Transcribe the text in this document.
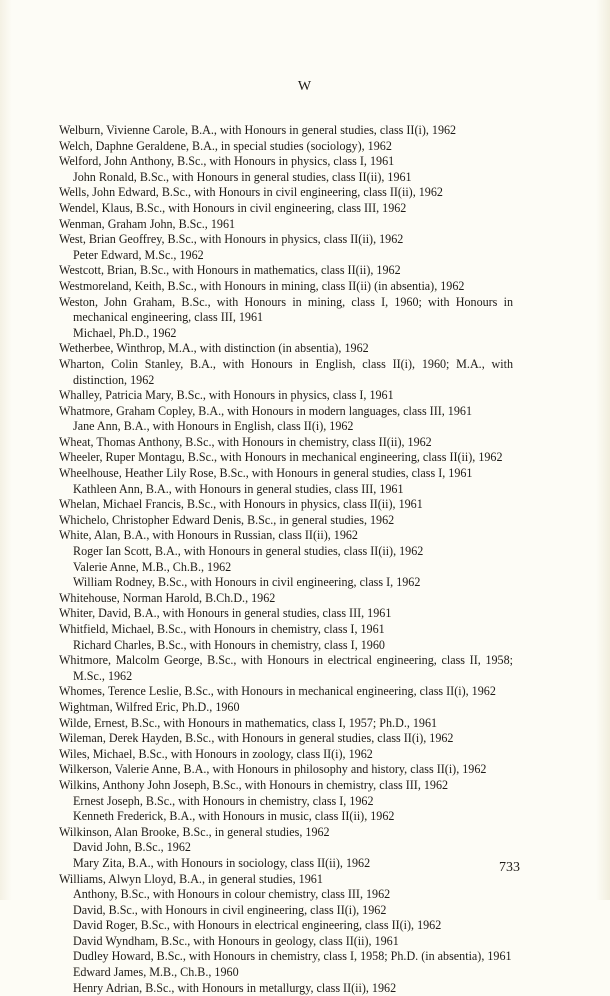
W
Welburn, Vivienne Carole, B.A., with Honours in general studies, class II(i), 1962
Welch, Daphne Geraldene, B.A., in special studies (sociology), 1962
Welford, John Anthony, B.Sc., with Honours in physics, class I, 1961
John Ronald, B.Sc., with Honours in general studies, class II(ii), 1961
Wells, John Edward, B.Sc., with Honours in civil engineering, class II(ii), 1962
Wendel, Klaus, B.Sc., with Honours in civil engineering, class III, 1962
Wenman, Graham John, B.Sc., 1961
West, Brian Geoffrey, B.Sc., with Honours in physics, class II(ii), 1962
Peter Edward, M.Sc., 1962
Westcott, Brian, B.Sc., with Honours in mathematics, class II(ii), 1962
Westmoreland, Keith, B.Sc., with Honours in mining, class II(ii) (in absentia), 1962
Weston, John Graham, B.Sc., with Honours in mining, class I, 1960; with Honours in mechanical engineering, class III, 1961
Michael, Ph.D., 1962
Wetherbee, Winthrop, M.A., with distinction (in absentia), 1962
Wharton, Colin Stanley, B.A., with Honours in English, class II(i), 1960; M.A., with distinction, 1962
Whalley, Patricia Mary, B.Sc., with Honours in physics, class I, 1961
Whatmore, Graham Copley, B.A., with Honours in modern languages, class III, 1961
Jane Ann, B.A., with Honours in English, class II(i), 1962
Wheat, Thomas Anthony, B.Sc., with Honours in chemistry, class II(ii), 1962
Wheeler, Ruper Montagu, B.Sc., with Honours in mechanical engineering, class II(ii), 1962
Wheelhouse, Heather Lily Rose, B.Sc., with Honours in general studies, class I, 1961
Kathleen Ann, B.A., with Honours in general studies, class III, 1961
Whelan, Michael Francis, B.Sc., with Honours in physics, class II(ii), 1961
Whichelo, Christopher Edward Denis, B.Sc., in general studies, 1962
White, Alan, B.A., with Honours in Russian, class II(ii), 1962
Roger Ian Scott, B.A., with Honours in general studies, class II(ii), 1962
Valerie Anne, M.B., Ch.B., 1962
William Rodney, B.Sc., with Honours in civil engineering, class I, 1962
Whitehouse, Norman Harold, B.Ch.D., 1962
Whiter, David, B.A., with Honours in general studies, class III, 1961
Whitfield, Michael, B.Sc., with Honours in chemistry, class I, 1961
Richard Charles, B.Sc., with Honours in chemistry, class I, 1960
Whitmore, Malcolm George, B.Sc., with Honours in electrical engineering, class II, 1958; M.Sc., 1962
Whomes, Terence Leslie, B.Sc., with Honours in mechanical engineering, class II(i), 1962
Wightman, Wilfred Eric, Ph.D., 1960
Wilde, Ernest, B.Sc., with Honours in mathematics, class I, 1957; Ph.D., 1961
Wileman, Derek Hayden, B.Sc., with Honours in general studies, class II(i), 1962
Wiles, Michael, B.Sc., with Honours in zoology, class II(i), 1962
Wilkerson, Valerie Anne, B.A., with Honours in philosophy and history, class II(i), 1962
Wilkins, Anthony John Joseph, B.Sc., with Honours in chemistry, class III, 1962
Ernest Joseph, B.Sc., with Honours in chemistry, class I, 1962
Kenneth Frederick, B.A., with Honours in music, class II(ii), 1962
Wilkinson, Alan Brooke, B.Sc., in general studies, 1962
David John, B.Sc., 1962
Mary Zita, B.A., with Honours in sociology, class II(ii), 1962
Williams, Alwyn Lloyd, B.A., in general studies, 1961
Anthony, B.Sc., with Honours in colour chemistry, class III, 1962
David, B.Sc., with Honours in civil engineering, class II(i), 1962
David Roger, B.Sc., with Honours in electrical engineering, class II(i), 1962
David Wyndham, B.Sc., with Honours in geology, class II(ii), 1961
Dudley Howard, B.Sc., with Honours in chemistry, class I, 1958; Ph.D. (in absentia), 1961
Edward James, M.B., Ch.B., 1960
Henry Adrian, B.Sc., with Honours in metallurgy, class II(ii), 1962
733
